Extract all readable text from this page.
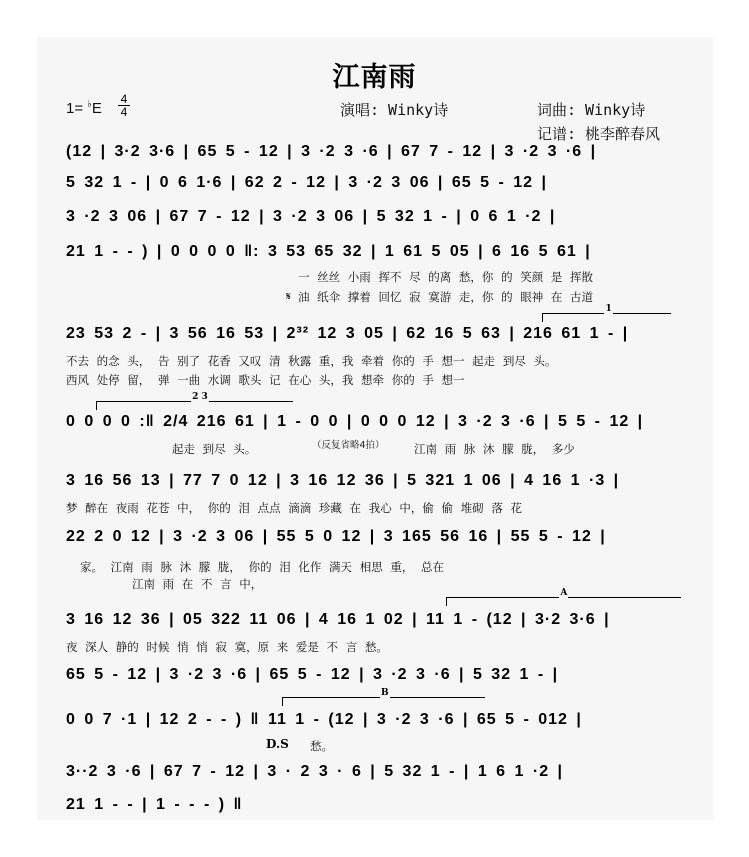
江南雨
1= ♭E
4
4	演唱: Winky诗	词曲: Winky诗
记谱: 桃李醉春风
(12 | 3·2 3·6 | 65 5 - 12 | 3 ·2 3 ·6 | 67 7 - 12 | 3 ·2 3 ·6 |
5 32 1 - | 0 6 1·6 | 62 2 - 12 | 3 ·2 3 06 | 65 5 - 12 |
3 ·2 3 06 | 67 7 - 12 | 3 ·2 3 06 | 5 32 1 - | 0 6 1 ·2 |
21 1 - - ) | 0 0 0 0 ‖: 3 53 65 32 | 1 61 5 05 | 6 16 5 61 |
一 丝丝 小雨 挥不 尽 的离 愁，你 的 笑颜 是 挥散
𝄋 油 纸伞 撑着 回忆 寂 寞游 走，你 的 眼神 在 古道
1
23 53 2 - | 3 56 16 53 | 2³² 12 3 05 | 62 16 5 63 | 216 61 1 - |
不去 的念 头， 告 别了 花香 又叹 清 秋露 重，我 牵着 你的 手 想一 起走 到尽 头。
西风 处停 留， 弹 一曲 水调 歌头 记 在心 头，我 想牵 你的 手 想一
2 3
0 0 0 0 :‖ 2/4 216 61 | 1 - 0 0 | 0 0 0 12 | 3 ·2 3 ·6 | 5 5 - 12 |
起走 到尽 头。	（反复省略4拍）	江南 雨 脉 沐 朦 胧， 多少
3 16 56 13 | 77 7 0 12 | 3 16 12 36 | 5 321 1 06 | 4 16 1 ·3 |
梦 醉在 夜雨 花苍 中， 你的 泪 点点 滴滴 珍藏 在 我心 中，偷 偷 堆砌 落 花
22 2 0 12 | 3 ·2 3 06 | 55 5 0 12 | 3 165 56 16 | 55 5 - 12 |
家。 江南 雨 脉 沐 朦 胧， 你的 泪 化作 满天 相思 重， 总在
江南 雨 在 不 言 中，
A
3 16 12 36 | 05 322 11 06 | 4 16 1 02 | 11 1 - (12 | 3·2 3·6 |
夜 深人 静的 时候 悄 悄 寂 寞，原 来 爱是 不 言 愁。
65 5 - 12 | 3 ·2 3 ·6 | 65 5 - 12 | 3 ·2 3 ·6 | 5 32 1 - |
B
0 0 7 ·1 | 12 2 - - ) ‖ 11 1 - (12 | 3 ·2 3 ·6 | 65 5 - 012 |
D.S 愁。
3··2 3 ·6 | 67 7 - 12 | 3 · 2 3 · 6 | 5 32 1 - | 1 6 1 ·2 |
21 1 - - | 1 - - - ) ‖
